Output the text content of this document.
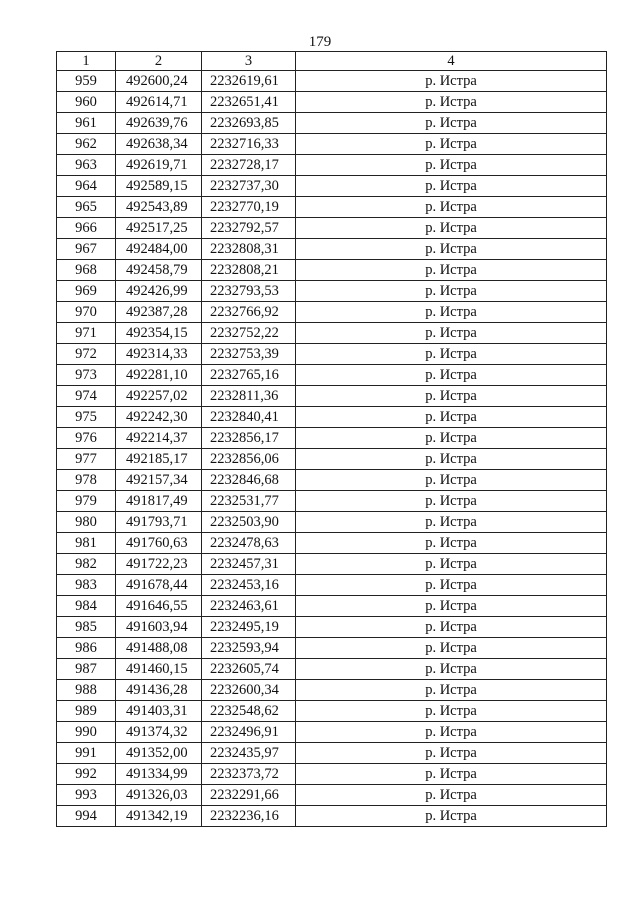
179
1	2	3	4
959	492600,24	2232619,61	р. Истра
960	492614,71	2232651,41	р. Истра
961	492639,76	2232693,85	р. Истра
962	492638,34	2232716,33	р. Истра
963	492619,71	2232728,17	р. Истра
964	492589,15	2232737,30	р. Истра
965	492543,89	2232770,19	р. Истра
966	492517,25	2232792,57	р. Истра
967	492484,00	2232808,31	р. Истра
968	492458,79	2232808,21	р. Истра
969	492426,99	2232793,53	р. Истра
970	492387,28	2232766,92	р. Истра
971	492354,15	2232752,22	р. Истра
972	492314,33	2232753,39	р. Истра
973	492281,10	2232765,16	р. Истра
974	492257,02	2232811,36	р. Истра
975	492242,30	2232840,41	р. Истра
976	492214,37	2232856,17	р. Истра
977	492185,17	2232856,06	р. Истра
978	492157,34	2232846,68	р. Истра
979	491817,49	2232531,77	р. Истра
980	491793,71	2232503,90	р. Истра
981	491760,63	2232478,63	р. Истра
982	491722,23	2232457,31	р. Истра
983	491678,44	2232453,16	р. Истра
984	491646,55	2232463,61	р. Истра
985	491603,94	2232495,19	р. Истра
986	491488,08	2232593,94	р. Истра
987	491460,15	2232605,74	р. Истра
988	491436,28	2232600,34	р. Истра
989	491403,31	2232548,62	р. Истра
990	491374,32	2232496,91	р. Истра
991	491352,00	2232435,97	р. Истра
992	491334,99	2232373,72	р. Истра
993	491326,03	2232291,66	р. Истра
994	491342,19	2232236,16	р. Истра
